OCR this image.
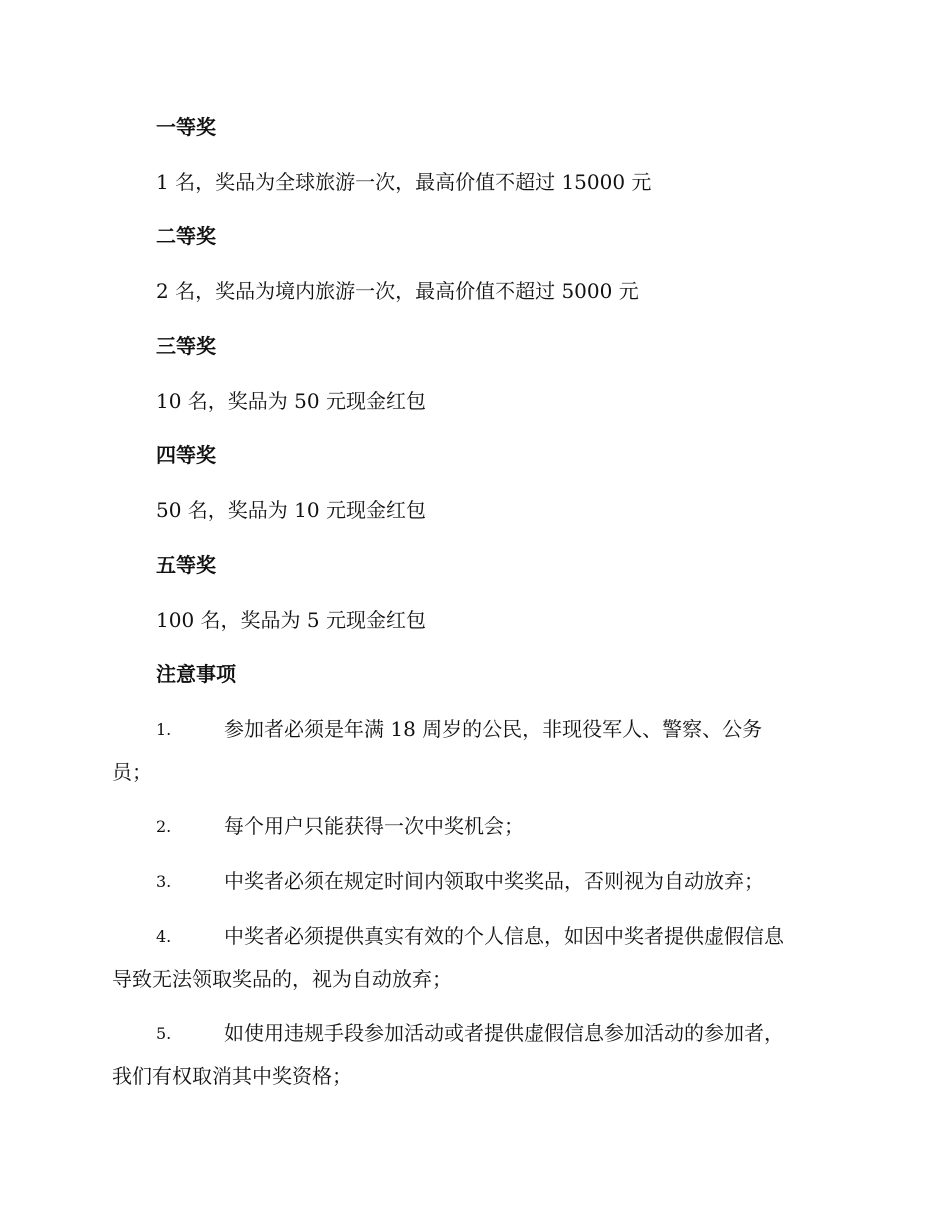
一等奖
1 名，奖品为全球旅游一次，最高价值不超过 15000 元
二等奖
2 名，奖品为境内旅游一次，最高价值不超过 5000 元
三等奖
10 名，奖品为 50 元现金红包
四等奖
50 名，奖品为 10 元现金红包
五等奖
100 名，奖品为 5 元现金红包
注意事项
1.	参加者必须是年满 18 周岁的公民，非现役军人、警察、公务
员；
2.	每个用户只能获得一次中奖机会；
3.	中奖者必须在规定时间内领取中奖奖品，否则视为自动放弃；
4.	中奖者必须提供真实有效的个人信息，如因中奖者提供虚假信息
导致无法领取奖品的，视为自动放弃；
5.	如使用违规手段参加活动或者提供虚假信息参加活动的参加者，
我们有权取消其中奖资格；
